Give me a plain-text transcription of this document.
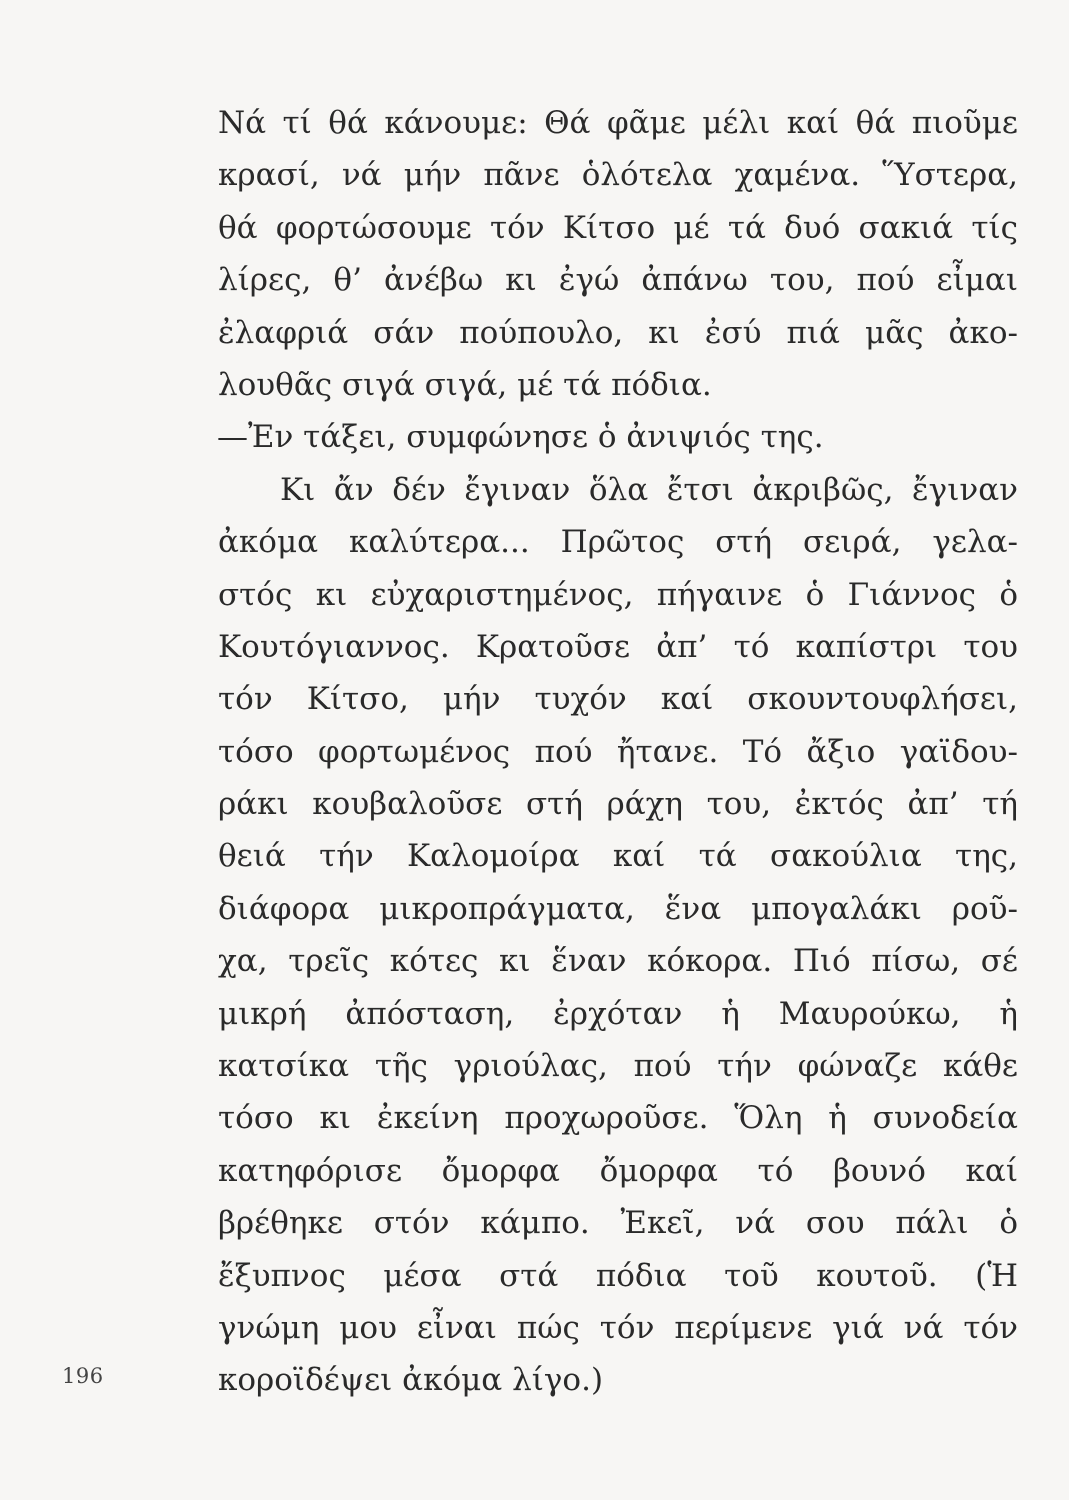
Νά τί θά κάνουμε: Θά φᾶμε μέλι καί θά πιοῦμε
κρασί, νά μήν πᾶνε ὁλότελα χαμένα. Ὕστερα,
θά φορτώσουμε τόν Κίτσο μέ τά δυό σακιά τίς
λίρες, θ’ ἀνέβω κι ἐγώ ἀπάνω του, πού εἶμαι
ἐλαφριά σάν πούπουλο, κι ἐσύ πιά μᾶς ἀκο-
λουθᾶς σιγά σιγά, μέ τά πόδια.
—Ἐν τάξει, συμφώνησε ὁ ἀνιψιός της.
Κι ἄν δέν ἔγιναν ὅλα ἔτσι ἀκριβῶς, ἔγιναν
ἀκόμα καλύτερα... Πρῶτος στή σειρά, γελα-
στός κι εὐχαριστημένος, πήγαινε ὁ Γιάννος ὁ
Κουτόγιαννος. Κρατοῦσε ἀπ’ τό καπίστρι του
τόν Κίτσο, μήν τυχόν καί σκουντουφλήσει,
τόσο φορτωμένος πού ἤτανε. Τό ἄξιο γαϊδου-
ράκι κουβαλοῦσε στή ράχη του, ἐκτός ἀπ’ τή
θειά τήν Καλομοίρα καί τά σακούλια της,
διάφορα μικροπράγματα, ἕνα μπογαλάκι ροῦ-
χα, τρεῖς κότες κι ἕναν κόκορα. Πιό πίσω, σέ
μικρή ἀπόσταση, ἐρχόταν ἡ Μαυρούκω, ἡ
κατσίκα τῆς γριούλας, πού τήν φώναζε κάθε
τόσο κι ἐκείνη προχωροῦσε. Ὅλη ἡ συνοδεία
κατηφόρισε ὄμορφα ὄμορφα τό βουνό καί
βρέθηκε στόν κάμπο. Ἐκεῖ, νά σου πάλι ὁ
ἔξυπνος μέσα στά πόδια τοῦ κουτοῦ. (Ἡ
γνώμη μου εἶναι πώς τόν περίμενε γιά νά τόν
κοροϊδέψει ἀκόμα λίγο.)
196
